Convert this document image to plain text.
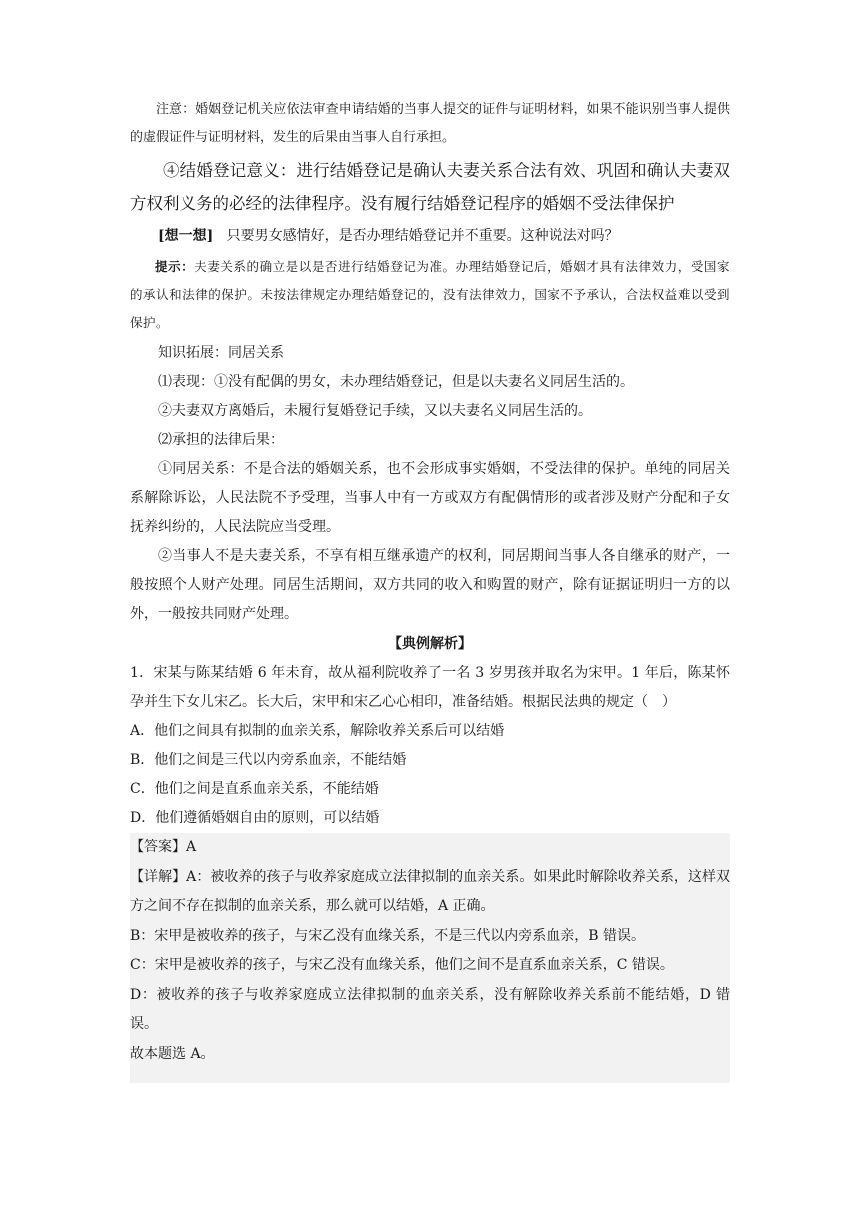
注意：婚姻登记机关应依法审查申请结婚的当事人提交的证件与证明材料，如果不能识别当事人提供的虚假证件与证明材料，发生的后果由当事人自行承担。

④结婚登记意义：进行结婚登记是确认夫妻关系合法有效、巩固和确认夫妻双方权利义务的必经的法律程序。没有履行结婚登记程序的婚姻不受法律保护

[想一想] 只要男女感情好，是否办理结婚登记并不重要。这种说法对吗？

提示：夫妻关系的确立是以是否进行结婚登记为准。办理结婚登记后，婚姻才具有法律效力，受国家的承认和法律的保护。未按法律规定办理结婚登记的，没有法律效力，国家不予承认，合法权益难以受到保护。

知识拓展：同居关系

⑴表现：①没有配偶的男女，未办理结婚登记，但是以夫妻名义同居生活的。

②夫妻双方离婚后，未履行复婚登记手续，又以夫妻名义同居生活的。

⑵承担的法律后果：

①同居关系：不是合法的婚姻关系，也不会形成事实婚姻，不受法律的保护。单纯的同居关系解除诉讼，人民法院不予受理，当事人中有一方或双方有配偶情形的或者涉及财产分配和子女抚养纠纷的，人民法院应当受理。

②当事人不是夫妻关系，不享有相互继承遗产的权利，同居期间当事人各自继承的财产，一般按照个人财产处理。同居生活期间，双方共同的收入和购置的财产，除有证据证明归一方的以外，一般按共同财产处理。

【典例解析】

1．宋某与陈某结婚 6 年未育，故从福利院收养了一名 3 岁男孩并取名为宋甲。1 年后，陈某怀孕并生下女儿宋乙。长大后，宋甲和宋乙心心相印，准备结婚。根据民法典的规定（　）

A．他们之间具有拟制的血亲关系，解除收养关系后可以结婚

B．他们之间是三代以内旁系血亲，不能结婚

C．他们之间是直系血亲关系，不能结婚

D．他们遵循婚姻自由的原则，可以结婚

【答案】A

【详解】A：被收养的孩子与收养家庭成立法律拟制的血亲关系。如果此时解除收养关系，这样双方之间不存在拟制的血亲关系，那么就可以结婚，A 正确。

B：宋甲是被收养的孩子，与宋乙没有血缘关系，不是三代以内旁系血亲，B 错误。

C：宋甲是被收养的孩子，与宋乙没有血缘关系，他们之间不是直系血亲关系，C 错误。

D：被收养的孩子与收养家庭成立法律拟制的血亲关系，没有解除收养关系前不能结婚，D 错误。

故本题选 A。
